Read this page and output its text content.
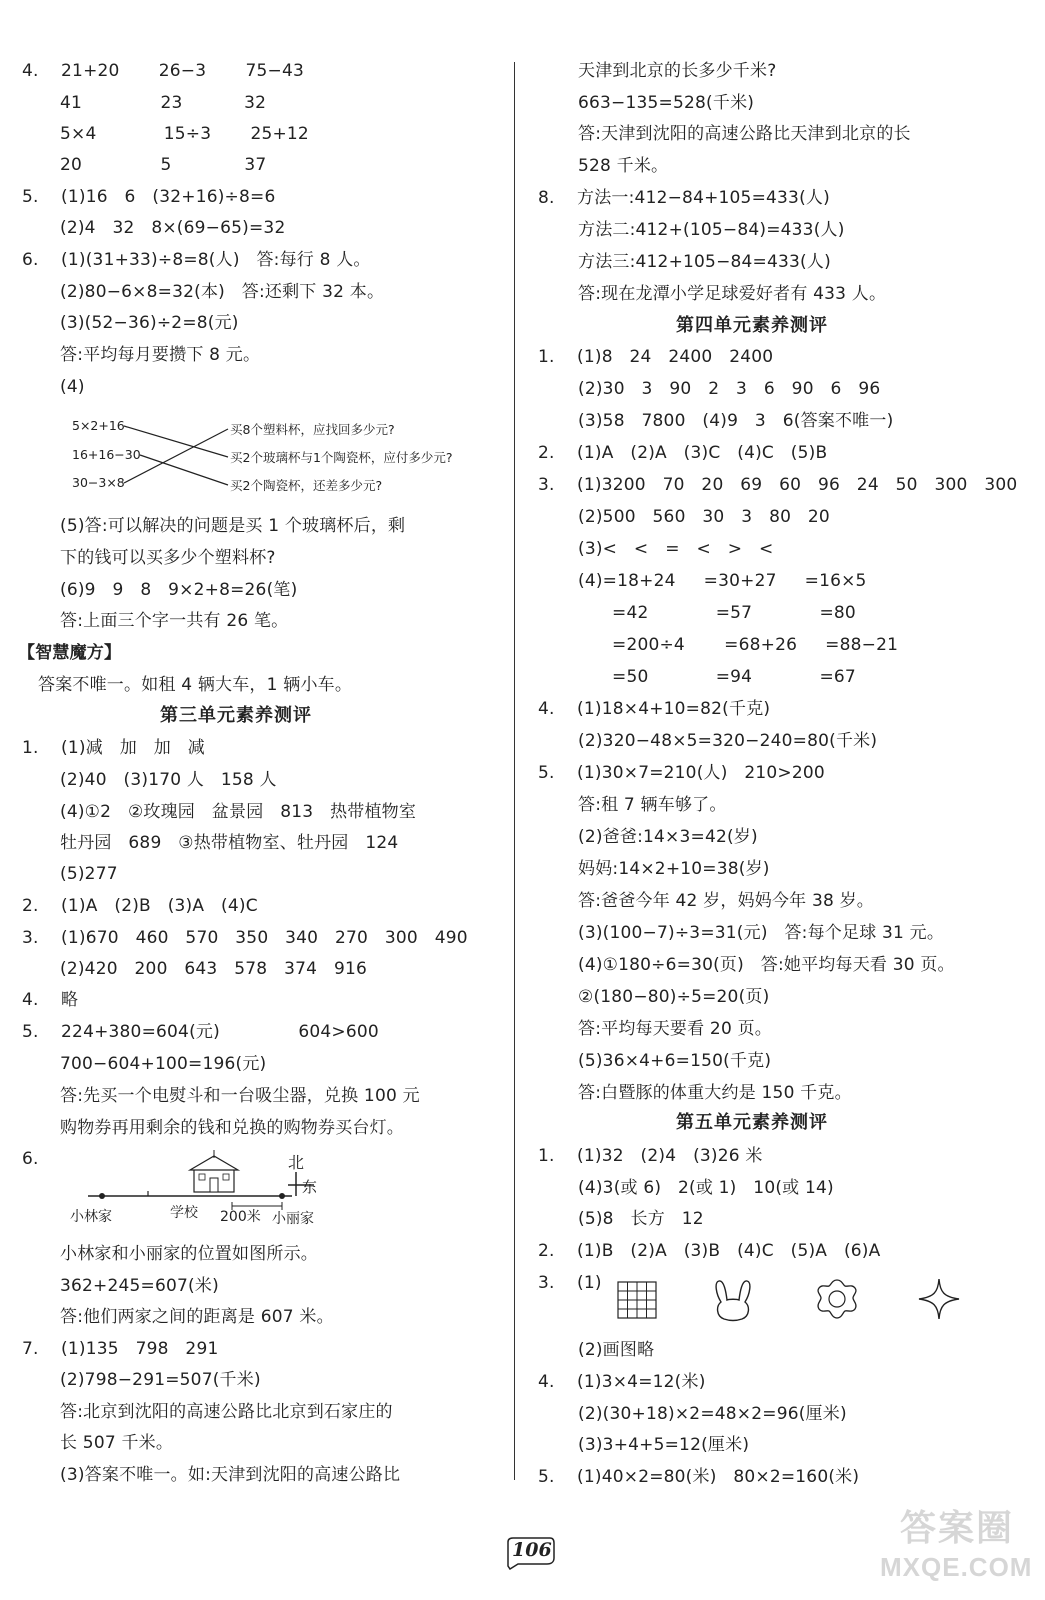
4.    21+20       26−3       75−43
41              23           32
5×4            15÷3       25+12
20              5             37
5.    (1)16   6   (32+16)÷8=6
(2)4   32   8×(69−65)=32
6.    (1)(31+33)÷8=8(人)   答:每行 8 人。
(2)80−6×8=32(本)   答:还剩下 32 本。
(3)(52−36)÷2=8(元)
答:平均每月要攒下 8 元。
(4)
5×2+16
16+16−30
30−3×8
买8个塑料杯，应找回多少元?
买2个玻璃杯与1个陶瓷杯，应付多少元?
买2个陶瓷杯，还差多少元?
(5)答:可以解决的问题是买 1 个玻璃杯后，剩
下的钱可以买多少个塑料杯?
(6)9   9   8   9×2+8=26(笔)
答:上面三个字一共有 26 笔。
【智慧魔方】
答案不唯一。如租 4 辆大车，1 辆小车。
第三单元素养测评
1.    (1)减   加   加   减
(2)40   (3)170 人   158 人
(4)①2   ②玫瑰园   盆景园   813   热带植物室
牡丹园   689   ③热带植物室、牡丹园   124
(5)277
2.    (1)A   (2)B   (3)A   (4)C
3.    (1)670   460   570   350   340   270   300   490
(2)420   200   643   578   374   916
4.    略
5.    224+380=604(元)              604>600
700−604+100=196(元)
答:先买一个电熨斗和一台吸尘器，兑换 100 元
购物券再用剩余的钱和兑换的购物券买台灯。
6.	北
东
小林家	学校 200米 小丽家
小林家和小丽家的位置如图所示。
362+245=607(米)
答:他们两家之间的距离是 607 米。
7.    (1)135   798   291
(2)798−291=507(千米)
答:北京到沈阳的高速公路比北京到石家庄的
长 507 千米。
(3)答案不唯一。如:天津到沈阳的高速公路比
天津到北京的长多少千米?
663−135=528(千米)
答:天津到沈阳的高速公路比天津到北京的长
528 千米。
8.    方法一:412−84+105=433(人)
方法二:412+(105−84)=433(人)
方法三:412+105−84=433(人)
答:现在龙潭小学足球爱好者有 433 人。
第四单元素养测评
1.    (1)8   24   2400   2400
(2)30   3   90   2   3   6   90   6   96
(3)58   7800   (4)9   3   6(答案不唯一)
2.    (1)A   (2)A   (3)C   (4)C   (5)B
3.    (1)3200   70   20   69   60   96   24   50   300   300
(2)500   560   30   3   80   20
(3)<   <   =   <   >   <
(4)=18+24     =30+27     =16×5
=42            =57            =80
=200÷4       =68+26     =88−21
=50            =94            =67
4.    (1)18×4+10=82(千克)
(2)320−48×5=320−240=80(千米)
5.    (1)30×7=210(人)   210>200
答:租 7 辆车够了。
(2)爸爸:14×3=42(岁)
妈妈:14×2+10=38(岁)
答:爸爸今年 42 岁，妈妈今年 38 岁。
(3)(100−7)÷3=31(元)   答:每个足球 31 元。
(4)①180÷6=30(页)   答:她平均每天看 30 页。
②(180−80)÷5=20(页)
答:平均每天要看 20 页。
(5)36×4+6=150(千克)
答:白暨豚的体重大约是 150 千克。
第五单元素养测评
1.    (1)32   (2)4   (3)26 米
(4)3(或 6)   2(或 1)   10(或 14)
(5)8   长方   12
2.    (1)B   (2)A   (3)B   (4)C   (5)A   (6)A
3.    (1)
(2)画图略
4.    (1)3×4=12(米)
(2)(30+18)×2=48×2=96(厘米)
(3)3+4+5=12(厘米)
5.    (1)40×2=80(米)   80×2=160(米)
106
答案圈
MXQE.COM
